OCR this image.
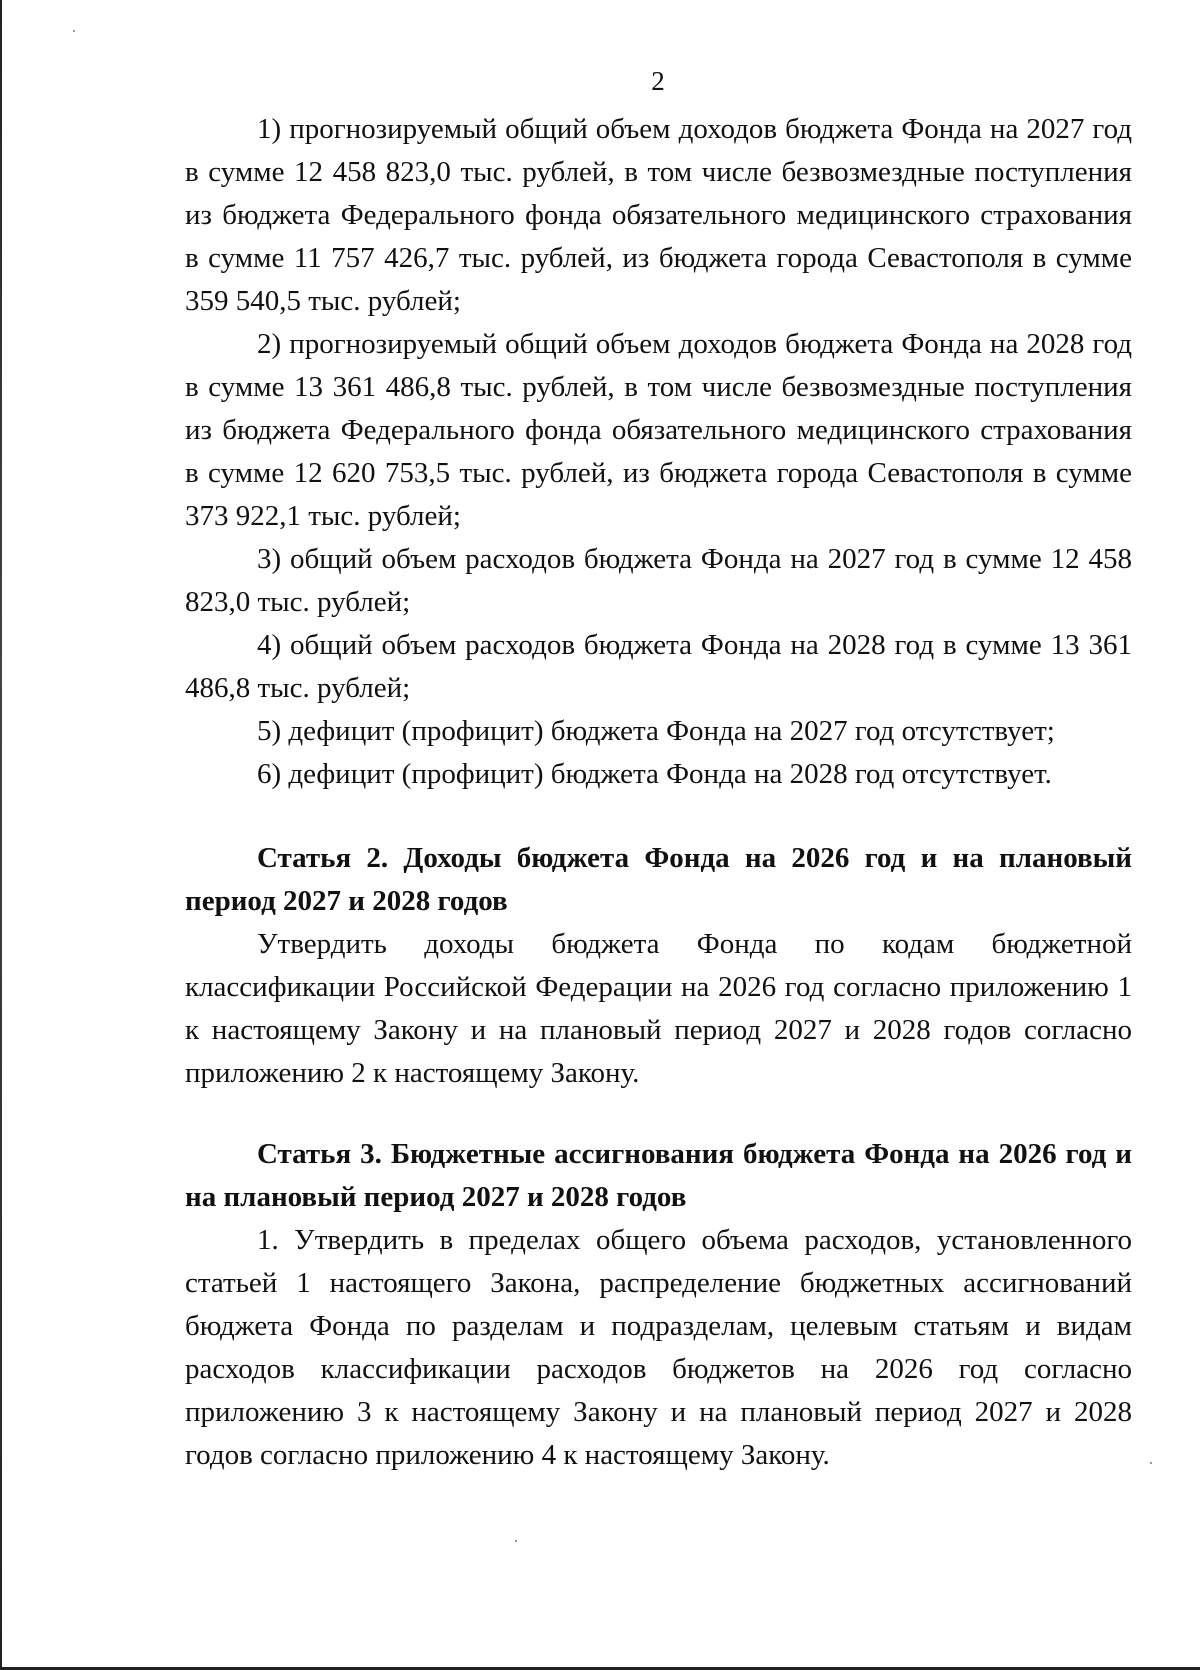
2

1) прогнозируемый общий объем доходов бюджета Фонда на 2027 год в сумме 12 458 823,0 тыс. рублей, в том числе безвозмездные поступления из бюджета Федерального фонда обязательного медицинского страхования в сумме 11 757 426,7 тыс. рублей, из бюджета города Севастополя в сумме 359 540,5 тыс. рублей;

2) прогнозируемый общий объем доходов бюджета Фонда на 2028 год в сумме 13 361 486,8 тыс. рублей, в том числе безвозмездные поступления из бюджета Федерального фонда обязательного медицинского страхования в сумме 12 620 753,5 тыс. рублей, из бюджета города Севастополя в сумме 373 922,1 тыс. рублей;

3) общий объем расходов бюджета Фонда на 2027 год в сумме 12 458 823,0 тыс. рублей;

4) общий объем расходов бюджета Фонда на 2028 год в сумме 13 361 486,8 тыс. рублей;

5) дефицит (профицит) бюджета Фонда на 2027 год отсутствует;

6) дефицит (профицит) бюджета Фонда на 2028 год отсутствует.

Статья 2. Доходы бюджета Фонда на 2026 год и на плановый период 2027 и 2028 годов

Утвердить доходы бюджета Фонда по кодам бюджетной классификации Российской Федерации на 2026 год согласно приложению 1 к настоящему Закону и на плановый период 2027 и 2028 годов согласно приложению 2 к настоящему Закону.

Статья 3. Бюджетные ассигнования бюджета Фонда на 2026 год и на плановый период 2027 и 2028 годов

1. Утвердить в пределах общего объема расходов, установленного статьей 1 настоящего Закона, распределение бюджетных ассигнований бюджета Фонда по разделам и подразделам, целевым статьям и видам расходов классификации расходов бюджетов на 2026 год согласно приложению 3 к настоящему Закону и на плановый период 2027 и 2028 годов согласно приложению 4 к настоящему Закону.
